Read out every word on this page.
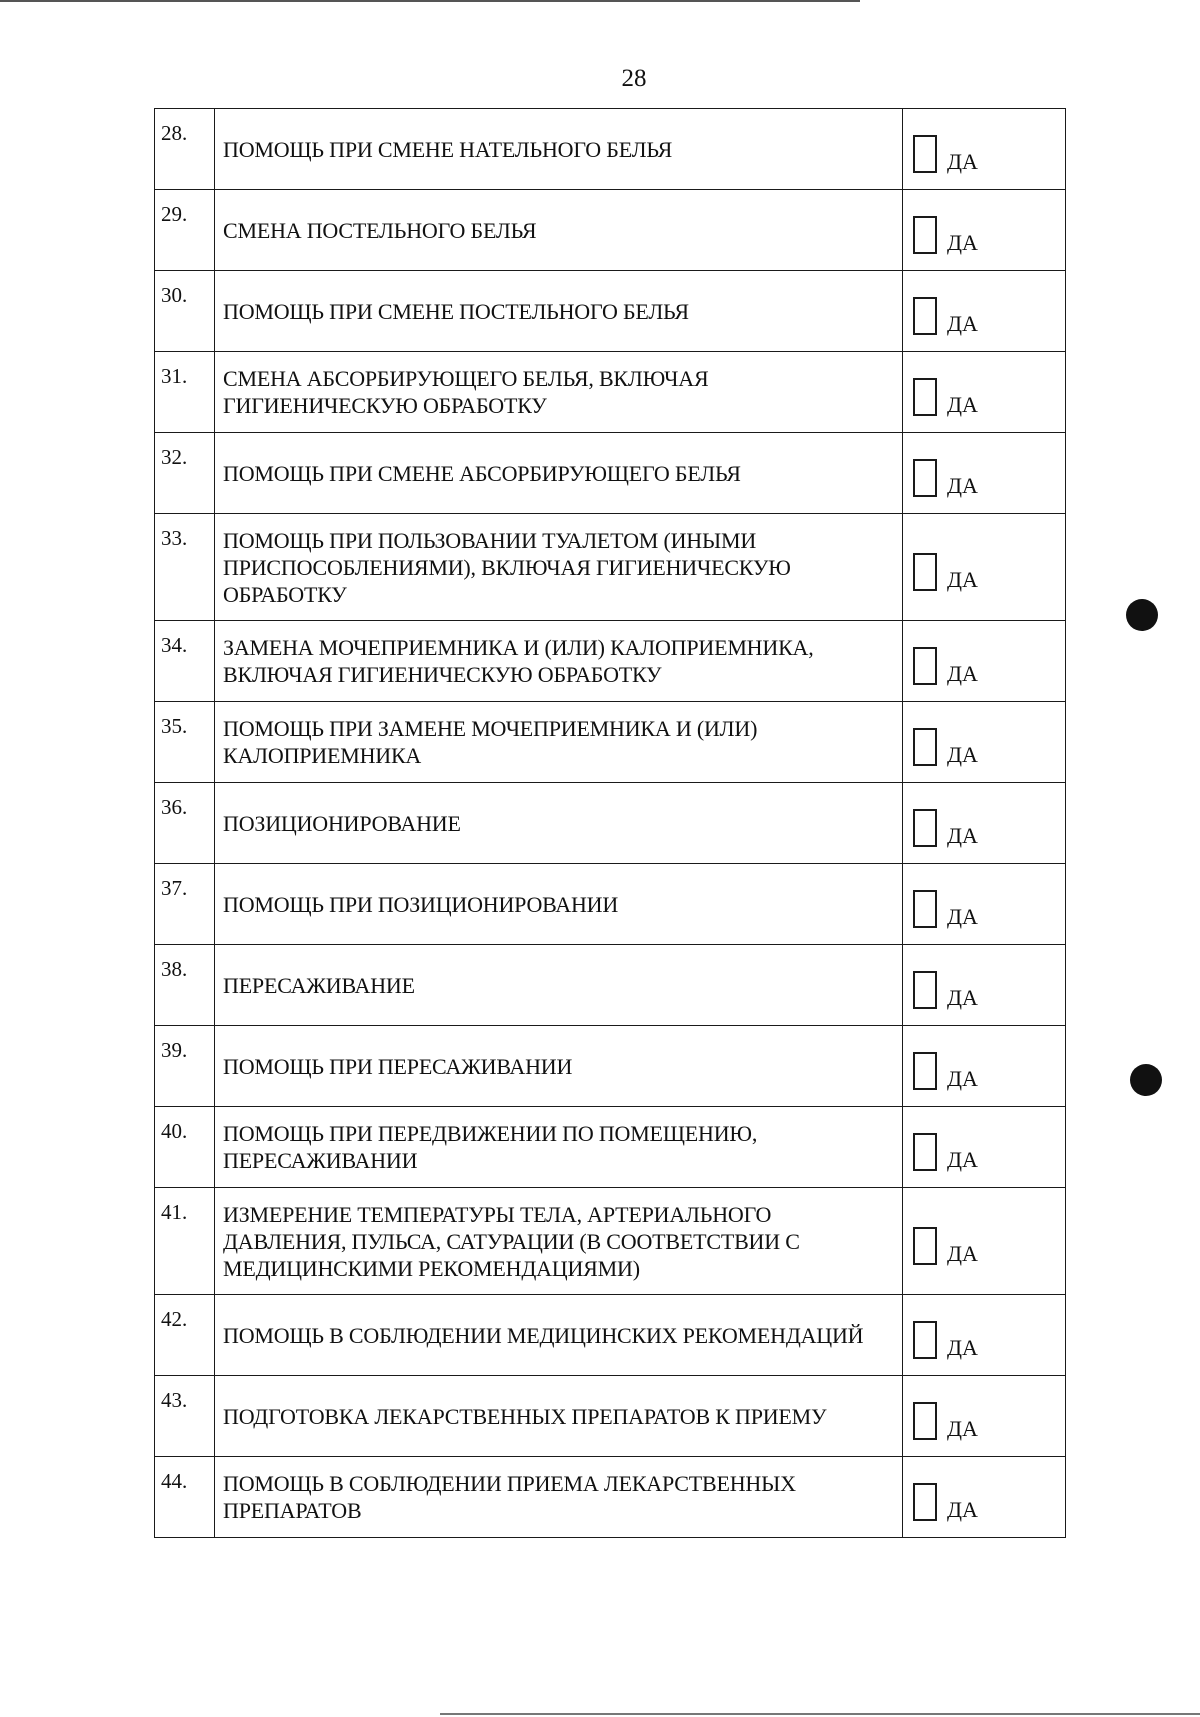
28
28.	ПОМОЩЬ ПРИ СМЕНЕ НАТЕЛЬНОГО БЕЛЬЯ	ДА

29.	СМЕНА ПОСТЕЛЬНОГО БЕЛЬЯ	ДА

30.	ПОМОЩЬ ПРИ СМЕНЕ ПОСТЕЛЬНОГО БЕЛЬЯ	ДА

31.	СМЕНА АБСОРБИРУЮЩЕГО БЕЛЬЯ, ВКЛЮЧАЯ ГИГИЕНИЧЕСКУЮ ОБРАБОТКУ	ДА

32.	ПОМОЩЬ ПРИ СМЕНЕ АБСОРБИРУЮЩЕГО БЕЛЬЯ	ДА

33.	ПОМОЩЬ ПРИ ПОЛЬЗОВАНИИ ТУАЛЕТОМ (ИНЫМИ ПРИСПОСОБЛЕНИЯМИ), ВКЛЮЧАЯ ГИГИЕНИЧЕСКУЮ ОБРАБОТКУ	ДА

34.	ЗАМЕНА МОЧЕПРИЕМНИКА И (ИЛИ) КАЛОПРИЕМНИКА, ВКЛЮЧАЯ ГИГИЕНИЧЕСКУЮ ОБРАБОТКУ	ДА

35.	ПОМОЩЬ ПРИ ЗАМЕНЕ МОЧЕПРИЕМНИКА И (ИЛИ) КАЛОПРИЕМНИКА	ДА

36.	ПОЗИЦИОНИРОВАНИЕ	ДА

37.	ПОМОЩЬ ПРИ ПОЗИЦИОНИРОВАНИИ	ДА

38.	ПЕРЕСАЖИВАНИЕ	ДА

39.	ПОМОЩЬ ПРИ ПЕРЕСАЖИВАНИИ	ДА

40.	ПОМОЩЬ ПРИ ПЕРЕДВИЖЕНИИ ПО ПОМЕЩЕНИЮ, ПЕРЕСАЖИВАНИИ	ДА

41.	ИЗМЕРЕНИЕ ТЕМПЕРАТУРЫ ТЕЛА, АРТЕРИАЛЬНОГО ДАВЛЕНИЯ, ПУЛЬСА, САТУРАЦИИ (В СООТВЕТСТВИИ С МЕДИЦИНСКИМИ РЕКОМЕНДАЦИЯМИ)	ДА

42.	ПОМОЩЬ В СОБЛЮДЕНИИ МЕДИЦИНСКИХ РЕКОМЕНДАЦИЙ	ДА

43.	ПОДГОТОВКА ЛЕКАРСТВЕННЫХ ПРЕПАРАТОВ К ПРИЕМУ	ДА

44.	ПОМОЩЬ В СОБЛЮДЕНИИ ПРИЕМА ЛЕКАРСТВЕННЫХ ПРЕПАРАТОВ	ДА
